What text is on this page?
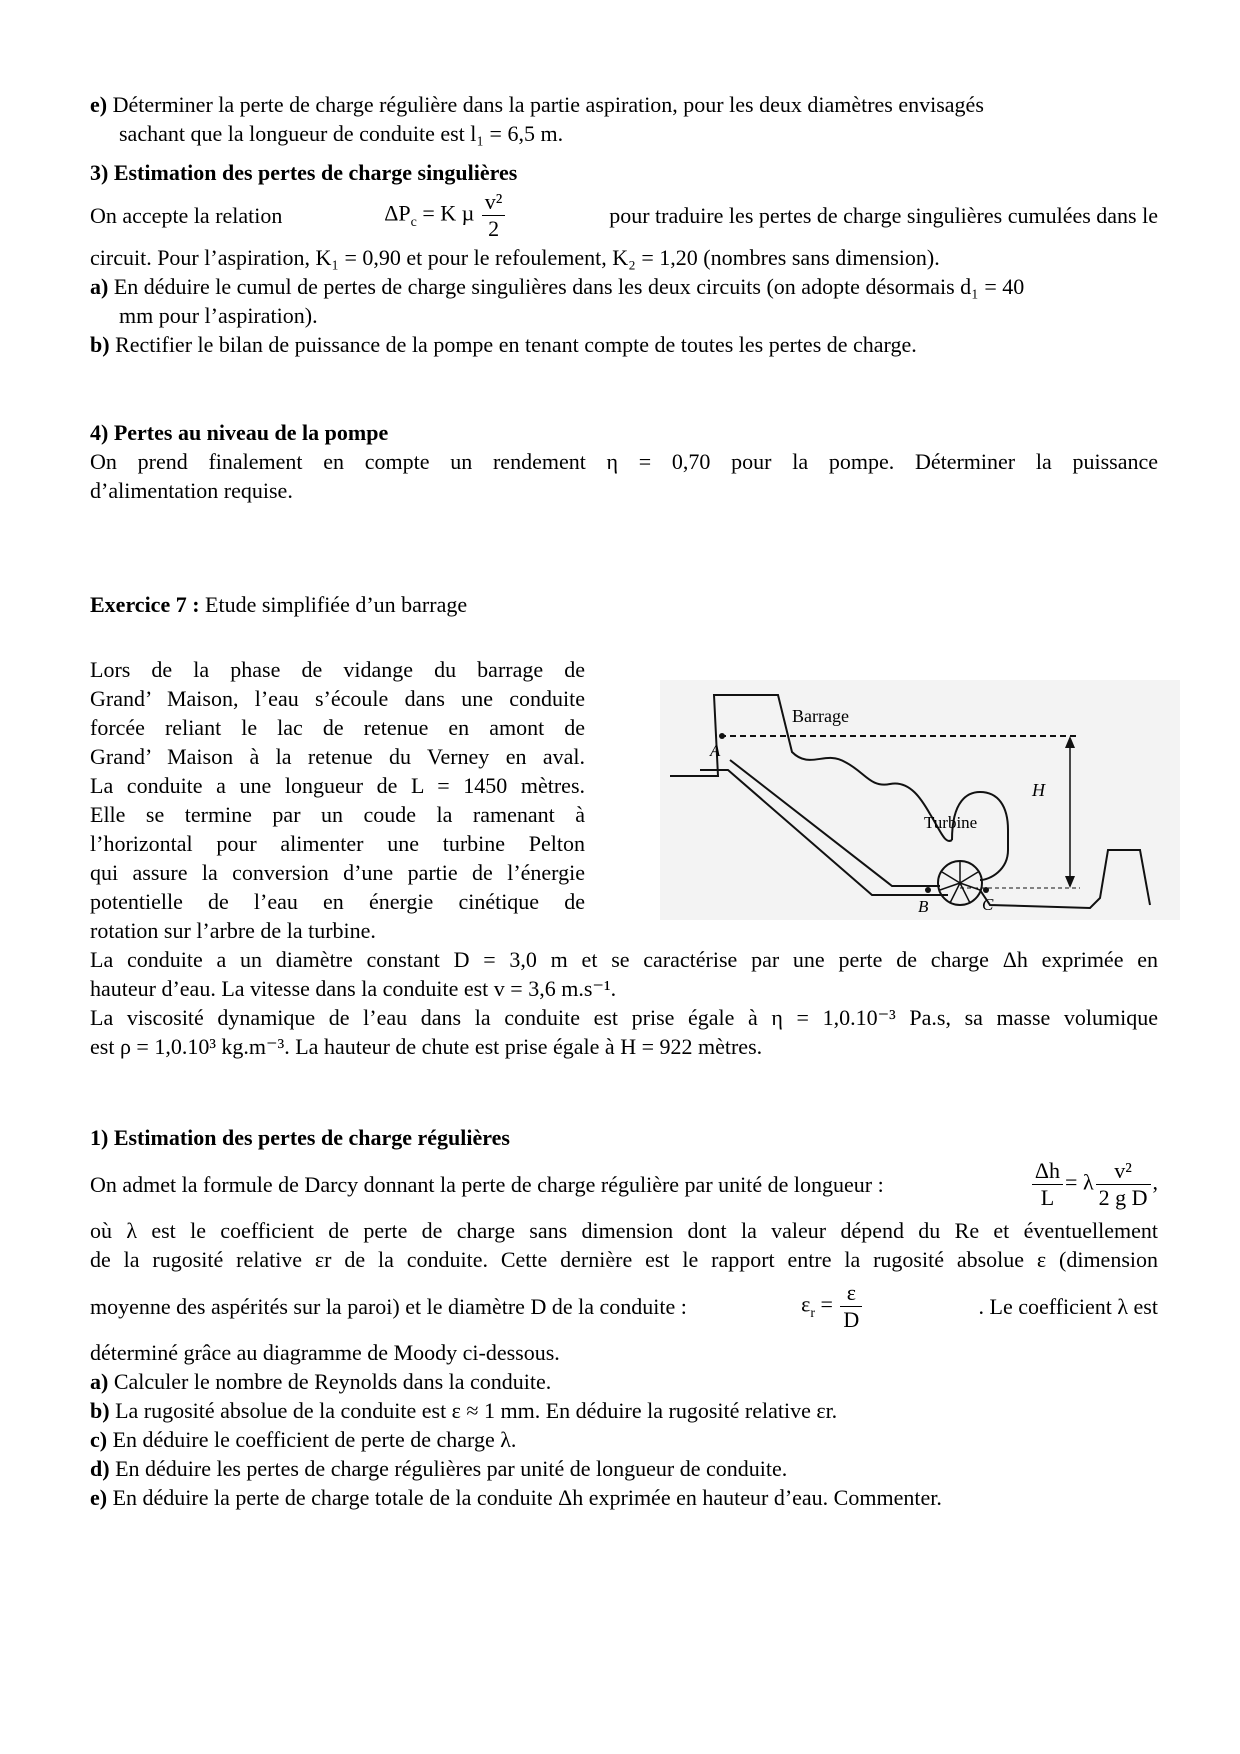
e) Déterminer la perte de charge régulière dans la partie aspiration, pour les deux diamètres envisagés
sachant que la longueur de conduite est l₁ = 6,5 m.
3) Estimation des pertes de charge singulières
On accepte la relation	$\Delta P_c = K$ µ $\frac{\text{v²}}{2}$	pour traduire les pertes de charge singulières cumulées dans le
circuit. Pour l’aspiration, K₁ = 0,90 et pour le refoulement, K₂ = 1,20 (nombres sans dimension).
a) En déduire le cumul de pertes de charge singulières dans les deux circuits (on adopte désormais d₁ = 40
mm pour l’aspiration).
b) Rectifier le bilan de puissance de la pompe en tenant compte de toutes les pertes de charge.
4) Pertes au niveau de la pompe
On prend finalement en compte un rendement η = 0,70 pour la pompe. Déterminer la puissance
d’alimentation requise.
Exercice 7 : Etude simplifiée d’un barrage
Lors de la phase de vidange du barrage de
Grand’ Maison, l’eau s’écoule dans une conduite
forcée reliant le lac de retenue en amont de
Grand’ Maison à la retenue du Verney en aval.
La conduite a une longueur de L = 1450 mètres.
Elle se termine par un coude la ramenant à
l’horizontal pour alimenter une turbine Pelton
qui assure la conversion d’une partie de l’énergie
potentielle de l’eau en énergie cinétique de
rotation sur l’arbre de la turbine.
Barrage
Turbine
A
B	C
H
La conduite a un diamètre constant D = 3,0 m et se caractérise par une perte de charge Δh exprimée en
hauteur d’eau. La vitesse dans la conduite est v = 3,6 m.s⁻¹.
La viscosité dynamique de l’eau dans la conduite est prise égale à η = 1,0.10⁻³ Pa.s, sa masse volumique
est ρ = 1,0.10³ kg.m⁻³. La hauteur de chute est prise égale à H = 922 mètres.
1) Estimation des pertes de charge régulières
On admet la formule de Darcy donnant la perte de charge régulière par unité de longueur :	$\frac{\Delta h}{L} = \lambda \frac{\text{v²}}{\text{2 g D}}$ ,
où λ est le coefficient de perte de charge sans dimension dont la valeur dépend du Re et éventuellement
de la rugosité relative εr de la conduite. Cette dernière est le rapport entre la rugosité absolue ε (dimension
moyenne des aspérités sur la paroi) et le diamètre D de la conduite :	$\varepsilon_r = \frac{\varepsilon}{D}$	. Le coefficient λ est
déterminé grâce au diagramme de Moody ci-dessous.
a) Calculer le nombre de Reynolds dans la conduite.
b) La rugosité absolue de la conduite est ε ≈ 1 mm. En déduire la rugosité relative εr.
c) En déduire le coefficient de perte de charge λ.
d) En déduire les pertes de charge régulières par unité de longueur de conduite.
e) En déduire la perte de charge totale de la conduite Δh exprimée en hauteur d’eau. Commenter.
